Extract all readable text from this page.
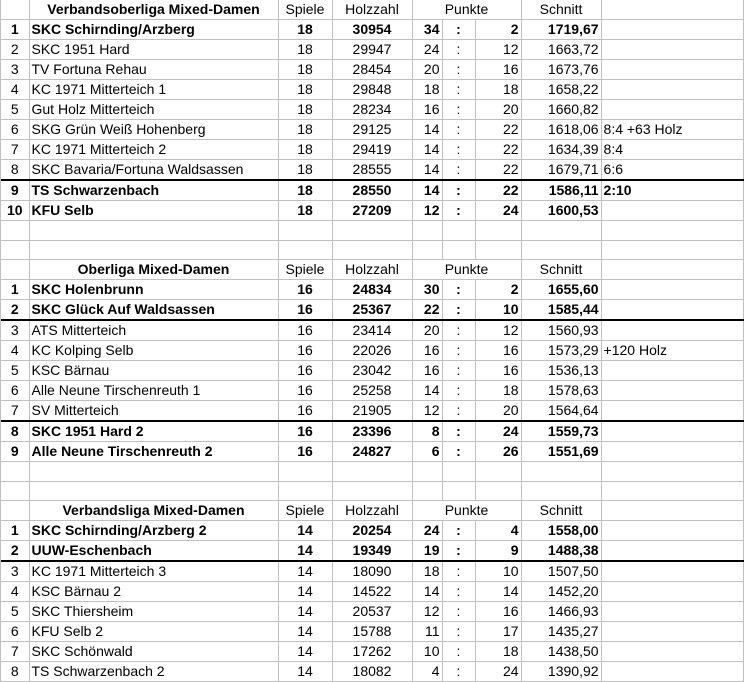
	Verbandsoberliga Mixed-Damen	Spiele	Holzzahl	Punkte			Schnitt	
1	SKC Schirnding/Arzberg	18	30954	34	:	2	1719,67	
2	SKC 1951 Hard	18	29947	24	:	12	1663,72	
3	TV Fortuna Rehau	18	28454	20	:	16	1673,76	
4	KC 1971 Mitterteich 1	18	29848	18	:	18	1658,22	
5	Gut Holz Mitterteich	18	28234	16	:	20	1660,82	
6	SKG Grün Weiß Hohenberg	18	29125	14	:	22	1618,06	8:4 +63 Holz
7	KC 1971 Mitterteich 2	18	29419	14	:	22	1634,39	8:4
8	SKC Bavaria/Fortuna Waldsassen	18	28555	14	:	22	1679,71	6:6
9	TS Schwarzenbach	18	28550	14	:	22	1586,11	2:10
10	KFU Selb	18	27209	12	:	24	1600,53	

	Oberliga Mixed-Damen	Spiele	Holzzahl	Punkte			Schnitt	
1	SKC Holenbrunn	16	24834	30	:	2	1655,60	
2	SKC Glück Auf Waldsassen	16	25367	22	:	10	1585,44	
3	ATS Mitterteich	16	23414	20	:	12	1560,93	
4	KC Kolping Selb	16	22026	16	:	16	1573,29	+120 Holz
5	KSC Bärnau	16	23042	16	:	16	1536,13	
6	Alle Neune Tirschenreuth 1	16	25258	14	:	18	1578,63	
7	SV Mitterteich	16	21905	12	:	20	1564,64	
8	SKC 1951 Hard 2	16	23396	8	:	24	1559,73	
9	Alle Neune Tirschenreuth 2	16	24827	6	:	26	1551,69	

	Verbandsliga Mixed-Damen	Spiele	Holzzahl	Punkte			Schnitt	
1	SKC Schirnding/Arzberg 2	14	20254	24	:	4	1558,00	
2	UUW-Eschenbach	14	19349	19	:	9	1488,38	
3	KC 1971 Mitterteich 3	14	18090	18	:	10	1507,50	
4	KSC Bärnau 2	14	14522	14	:	14	1452,20	
5	SKC Thiersheim	14	20537	12	:	16	1466,93	
6	KFU Selb 2	14	15788	11	:	17	1435,27	
7	SKC Schönwald	14	17262	10	:	18	1438,50	
8	TS Schwarzenbach 2	14	18082	4	:	24	1390,92	
